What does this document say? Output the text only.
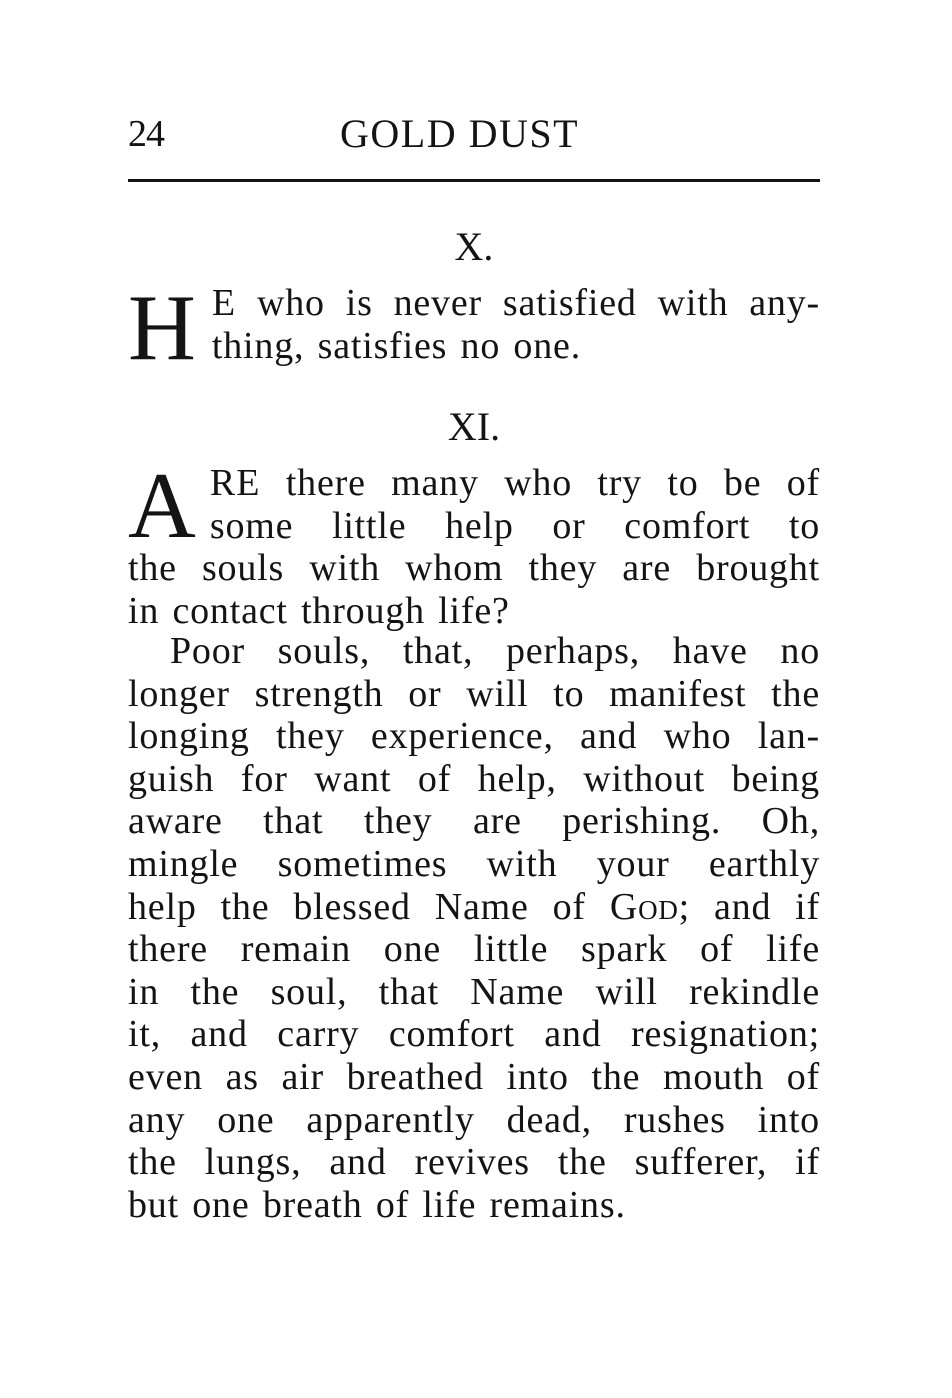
24	GOLD DUST
X.
H E who is never satisfied with any-
thing, satisfies no one.
XI.
A RE there many who try to be of
some little help or comfort to
the souls with whom they are brought
in contact through life?
Poor souls, that, perhaps, have no
longer strength or will to manifest the
longing they experience, and who lan-
guish for want of help, without being
aware that they are perishing. Oh,
mingle sometimes with your earthly
help the blessed Name of God; and if
there remain one little spark of life
in the soul, that Name will rekindle
it, and carry comfort and resignation;
even as air breathed into the mouth of
any one apparently dead, rushes into
the lungs, and revives the sufferer, if
but one breath of life remains.
